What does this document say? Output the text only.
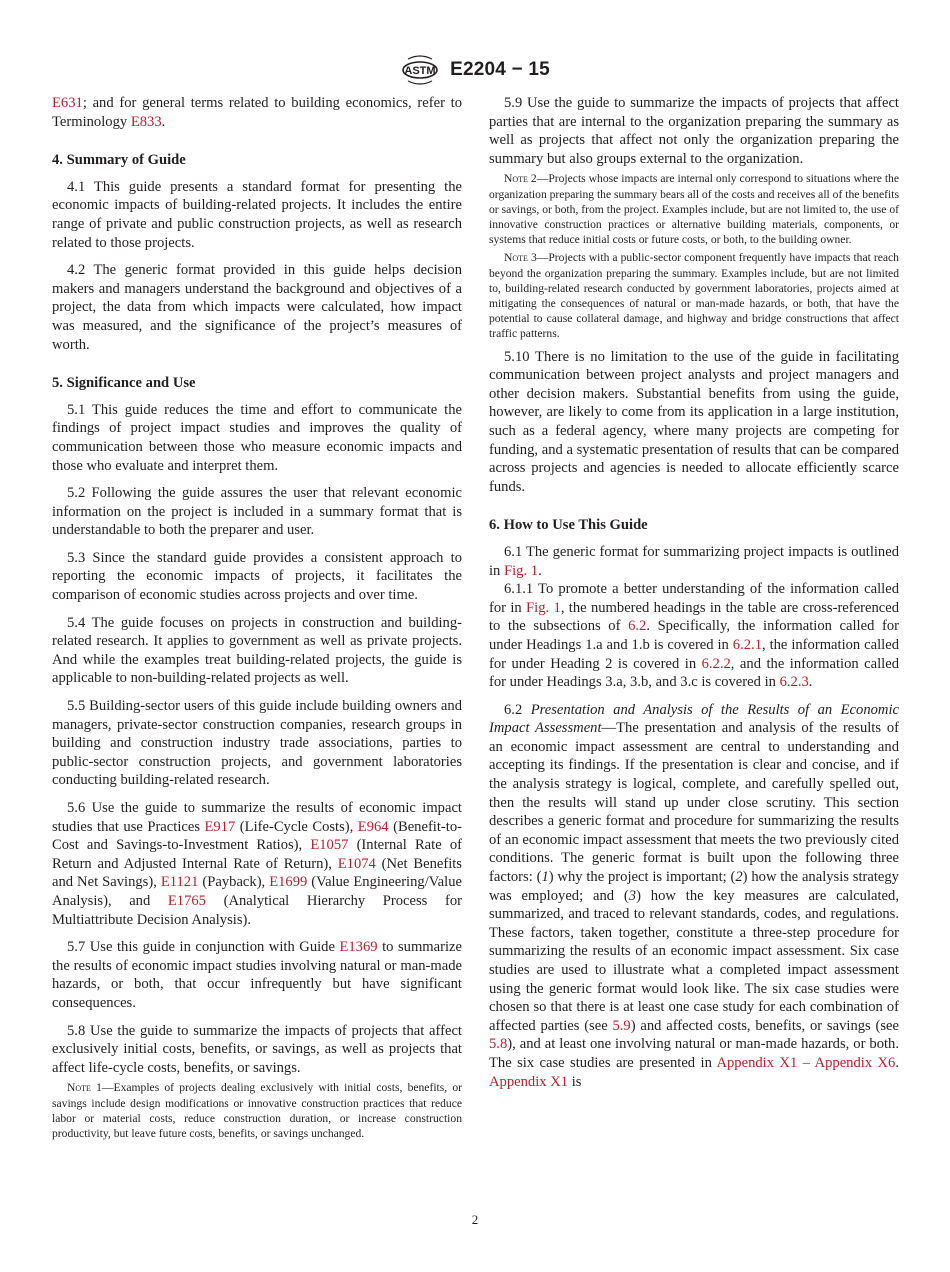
ASTM E2204 − 15

E631; and for general terms related to building economics, refer to Terminology E833.

4. Summary of Guide

4.1 This guide presents a standard format for presenting the economic impacts of building-related projects. It includes the entire range of private and public construction projects, as well as research related to those projects.

4.2 The generic format provided in this guide helps decision makers and managers understand the background and objectives of a project, the data from which impacts were calculated, how impact was measured, and the significance of the project’s measures of worth.

5. Significance and Use

5.1 This guide reduces the time and effort to communicate the findings of project impact studies and improves the quality of communication between those who measure economic impacts and those who evaluate and interpret them.

5.2 Following the guide assures the user that relevant economic information on the project is included in a summary format that is understandable to both the preparer and user.

5.3 Since the standard guide provides a consistent approach to reporting the economic impacts of projects, it facilitates the comparison of economic studies across projects and over time.

5.4 The guide focuses on projects in construction and building-related research. It applies to government as well as private projects. And while the examples treat building-related projects, the guide is applicable to non-building-related projects as well.

5.5 Building-sector users of this guide include building owners and managers, private-sector construction companies, research groups in building and construction industry trade associations, parties to public-sector construction projects, and government laboratories conducting building-related research.

5.6 Use the guide to summarize the results of economic impact studies that use Practices E917 (Life-Cycle Costs), E964 (Benefit-to-Cost and Savings-to-Investment Ratios), E1057 (Internal Rate of Return and Adjusted Internal Rate of Return), E1074 (Net Benefits and Net Savings), E1121 (Payback), E1699 (Value Engineering/Value Analysis), and E1765 (Analytical Hierarchy Process for Multiattribute Decision Analysis).

5.7 Use this guide in conjunction with Guide E1369 to summarize the results of economic impact studies involving natural or man-made hazards, or both, that occur infrequently but have significant consequences.

5.8 Use the guide to summarize the impacts of projects that affect exclusively initial costs, benefits, or savings, as well as projects that affect life-cycle costs, benefits, or savings.

Note 1—Examples of projects dealing exclusively with initial costs, benefits, or savings include design modifications or innovative construction practices that reduce labor or material costs, reduce construction duration, or increase construction productivity, but leave future costs, benefits, or savings unchanged.

5.9 Use the guide to summarize the impacts of projects that affect parties that are internal to the organization preparing the summary as well as projects that affect not only the organization preparing the summary but also groups external to the organization.

Note 2—Projects whose impacts are internal only correspond to situations where the organization preparing the summary bears all of the costs and receives all of the benefits or savings, or both, from the project. Examples include, but are not limited to, the use of innovative construction practices or alternative building materials, components, or systems that reduce initial costs or future costs, or both, to the building owner.

Note 3—Projects with a public-sector component frequently have impacts that reach beyond the organization preparing the summary. Examples include, but are not limited to, building-related research conducted by government laboratories, projects aimed at mitigating the consequences of natural or man-made hazards, or both, that have the potential to cause collateral damage, and highway and bridge constructions that affect traffic patterns.

5.10 There is no limitation to the use of the guide in facilitating communication between project analysts and project managers and other decision makers. Substantial benefits from using the guide, however, are likely to come from its application in a large institution, such as a federal agency, where many projects are competing for funding, and a systematic presentation of results that can be compared across projects and agencies is needed to allocate efficiently scarce funds.

6. How to Use This Guide

6.1 The generic format for summarizing project impacts is outlined in Fig. 1.

6.1.1 To promote a better understanding of the information called for in Fig. 1, the numbered headings in the table are cross-referenced to the subsections of 6.2. Specifically, the information called for under Headings 1.a and 1.b is covered in 6.2.1, the information called for under Heading 2 is covered in 6.2.2, and the information called for under Headings 3.a, 3.b, and 3.c is covered in 6.2.3.

6.2 Presentation and Analysis of the Results of an Economic Impact Assessment—The presentation and analysis of the results of an economic impact assessment are central to understanding and accepting its findings. If the presentation is clear and concise, and if the analysis strategy is logical, complete, and carefully spelled out, then the results will stand up under close scrutiny. This section describes a generic format and procedure for summarizing the results of an economic impact assessment that meets the two previously cited conditions. The generic format is built upon the following three factors: (1) why the project is important; (2) how the analysis strategy was employed; and (3) how the key measures are calculated, summarized, and traced to relevant standards, codes, and regulations. These factors, taken together, constitute a three-step procedure for summarizing the results of an economic impact assessment. Six case studies are used to illustrate what a completed impact assessment using the generic format would look like. The six case studies were chosen so that there is at least one case study for each combination of affected parties (see 5.9) and affected costs, benefits, or savings (see 5.8), and at least one involving natural or man-made hazards, or both. The six case studies are presented in Appendix X1 – Appendix X6. Appendix X1 is

2
